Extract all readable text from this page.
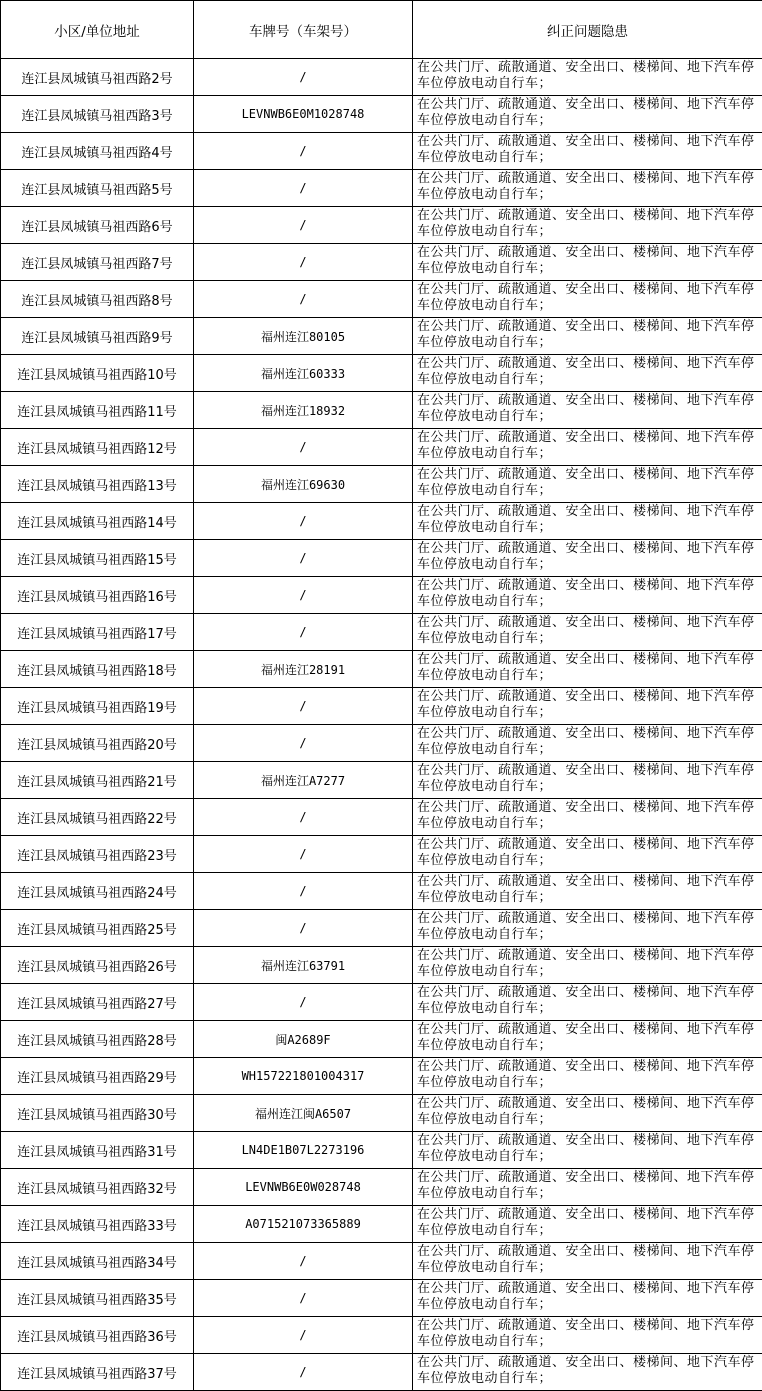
小区/单位地址	车牌号（车架号）	纠正问题隐患
连江县凤城镇马祖西路2号	/	在公共门厅、疏散通道、安全出口、楼梯间、地下汽车停车位停放电动自行车；
连江县凤城镇马祖西路3号	LEVNWB6E0M1028748	在公共门厅、疏散通道、安全出口、楼梯间、地下汽车停车位停放电动自行车；
连江县凤城镇马祖西路4号	/	在公共门厅、疏散通道、安全出口、楼梯间、地下汽车停车位停放电动自行车；
连江县凤城镇马祖西路5号	/	在公共门厅、疏散通道、安全出口、楼梯间、地下汽车停车位停放电动自行车；
连江县凤城镇马祖西路6号	/	在公共门厅、疏散通道、安全出口、楼梯间、地下汽车停车位停放电动自行车；
连江县凤城镇马祖西路7号	/	在公共门厅、疏散通道、安全出口、楼梯间、地下汽车停车位停放电动自行车；
连江县凤城镇马祖西路8号	/	在公共门厅、疏散通道、安全出口、楼梯间、地下汽车停车位停放电动自行车；
连江县凤城镇马祖西路9号	福州连江80105	在公共门厅、疏散通道、安全出口、楼梯间、地下汽车停车位停放电动自行车；
连江县凤城镇马祖西路10号	福州连江60333	在公共门厅、疏散通道、安全出口、楼梯间、地下汽车停车位停放电动自行车；
连江县凤城镇马祖西路11号	福州连江18932	在公共门厅、疏散通道、安全出口、楼梯间、地下汽车停车位停放电动自行车；
连江县凤城镇马祖西路12号	/	在公共门厅、疏散通道、安全出口、楼梯间、地下汽车停车位停放电动自行车；
连江县凤城镇马祖西路13号	福州连江69630	在公共门厅、疏散通道、安全出口、楼梯间、地下汽车停车位停放电动自行车；
连江县凤城镇马祖西路14号	/	在公共门厅、疏散通道、安全出口、楼梯间、地下汽车停车位停放电动自行车；
连江县凤城镇马祖西路15号	/	在公共门厅、疏散通道、安全出口、楼梯间、地下汽车停车位停放电动自行车；
连江县凤城镇马祖西路16号	/	在公共门厅、疏散通道、安全出口、楼梯间、地下汽车停车位停放电动自行车；
连江县凤城镇马祖西路17号	/	在公共门厅、疏散通道、安全出口、楼梯间、地下汽车停车位停放电动自行车；
连江县凤城镇马祖西路18号	福州连江28191	在公共门厅、疏散通道、安全出口、楼梯间、地下汽车停车位停放电动自行车；
连江县凤城镇马祖西路19号	/	在公共门厅、疏散通道、安全出口、楼梯间、地下汽车停车位停放电动自行车；
连江县凤城镇马祖西路20号	/	在公共门厅、疏散通道、安全出口、楼梯间、地下汽车停车位停放电动自行车；
连江县凤城镇马祖西路21号	福州连江A7277	在公共门厅、疏散通道、安全出口、楼梯间、地下汽车停车位停放电动自行车；
连江县凤城镇马祖西路22号	/	在公共门厅、疏散通道、安全出口、楼梯间、地下汽车停车位停放电动自行车；
连江县凤城镇马祖西路23号	/	在公共门厅、疏散通道、安全出口、楼梯间、地下汽车停车位停放电动自行车；
连江县凤城镇马祖西路24号	/	在公共门厅、疏散通道、安全出口、楼梯间、地下汽车停车位停放电动自行车；
连江县凤城镇马祖西路25号	/	在公共门厅、疏散通道、安全出口、楼梯间、地下汽车停车位停放电动自行车；
连江县凤城镇马祖西路26号	福州连江63791	在公共门厅、疏散通道、安全出口、楼梯间、地下汽车停车位停放电动自行车；
连江县凤城镇马祖西路27号	/	在公共门厅、疏散通道、安全出口、楼梯间、地下汽车停车位停放电动自行车；
连江县凤城镇马祖西路28号	闽A2689F	在公共门厅、疏散通道、安全出口、楼梯间、地下汽车停车位停放电动自行车；
连江县凤城镇马祖西路29号	WH157221801004317	在公共门厅、疏散通道、安全出口、楼梯间、地下汽车停车位停放电动自行车；
连江县凤城镇马祖西路30号	福州连江闽A6507	在公共门厅、疏散通道、安全出口、楼梯间、地下汽车停车位停放电动自行车；
连江县凤城镇马祖西路31号	LN4DE1B07L2273196	在公共门厅、疏散通道、安全出口、楼梯间、地下汽车停车位停放电动自行车；
连江县凤城镇马祖西路32号	LEVNWB6E0W028748	在公共门厅、疏散通道、安全出口、楼梯间、地下汽车停车位停放电动自行车；
连江县凤城镇马祖西路33号	A071521073365889	在公共门厅、疏散通道、安全出口、楼梯间、地下汽车停车位停放电动自行车；
连江县凤城镇马祖西路34号	/	在公共门厅、疏散通道、安全出口、楼梯间、地下汽车停车位停放电动自行车；
连江县凤城镇马祖西路35号	/	在公共门厅、疏散通道、安全出口、楼梯间、地下汽车停车位停放电动自行车；
连江县凤城镇马祖西路36号	/	在公共门厅、疏散通道、安全出口、楼梯间、地下汽车停车位停放电动自行车；
连江县凤城镇马祖西路37号	/	在公共门厅、疏散通道、安全出口、楼梯间、地下汽车停车位停放电动自行车；
